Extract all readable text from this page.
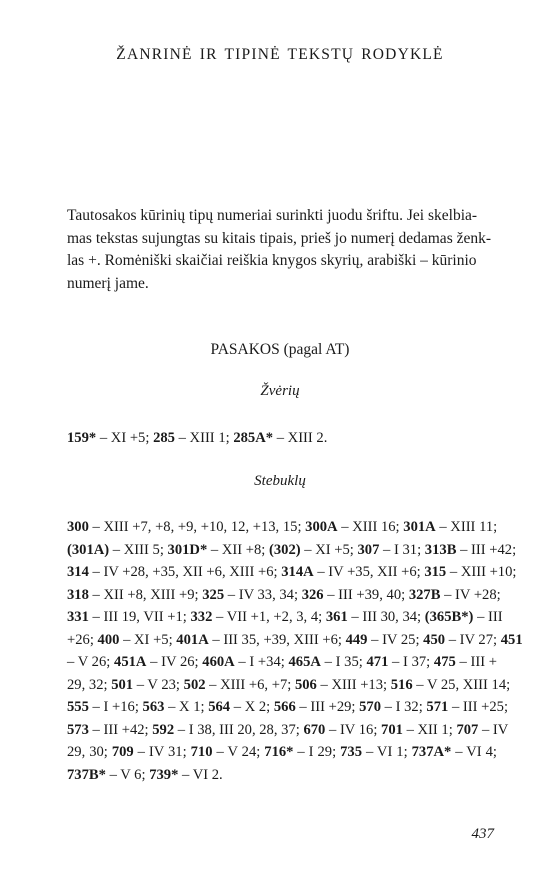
ŽANRINĖ IR TIPINĖ TEKSTŲ RODYKLĖ
Tautosakos kūrinių tipų numeriai surinkti juodu šriftu. Jei skelbia-
mas tekstas sujungtas su kitais tipais, prieš jo numerį dedamas ženk-
las +. Romėniški skaičiai reiškia knygos skyrių, arabiški – kūrinio
numerį jame.
PASAKOS (pagal AT)
Žvėrių
159* – XI +5; 285 – XIII 1; 285A* – XIII 2.
Stebuklų
300 – XIII +7, +8, +9, +10, 12, +13, 15; 300A – XIII 16; 301A – XIII 11;
(301A) – XIII 5; 301D* – XII +8; (302) – XI +5; 307 – I 31; 313B – III +42;
314 – IV +28, +35, XII +6, XIII +6; 314A – IV +35, XII +6; 315 – XIII +10;
318 – XII +8, XIII +9; 325 – IV 33, 34; 326 – III +39, 40; 327B – IV +28;
331 – III 19, VII +1; 332 – VII +1, +2, 3, 4; 361 – III 30, 34; (365B*) – III
+26; 400 – XI +5; 401A – III 35, +39, XIII +6; 449 – IV 25; 450 – IV 27; 451
– V 26; 451A – IV 26; 460A – I +34; 465A – I 35; 471 – I 37; 475 – III +
29, 32; 501 – V 23; 502 – XIII +6, +7; 506 – XIII +13; 516 – V 25, XIII 14;
555 – I +16; 563 – X 1; 564 – X 2; 566 – III +29; 570 – I 32; 571 – III +25;
573 – III +42; 592 – I 38, III 20, 28, 37; 670 – IV 16; 701 – XII 1; 707 – IV
29, 30; 709 – IV 31; 710 – V 24; 716* – I 29; 735 – VI 1; 737A* – VI 4;
737B* – V 6; 739* – VI 2.
437
